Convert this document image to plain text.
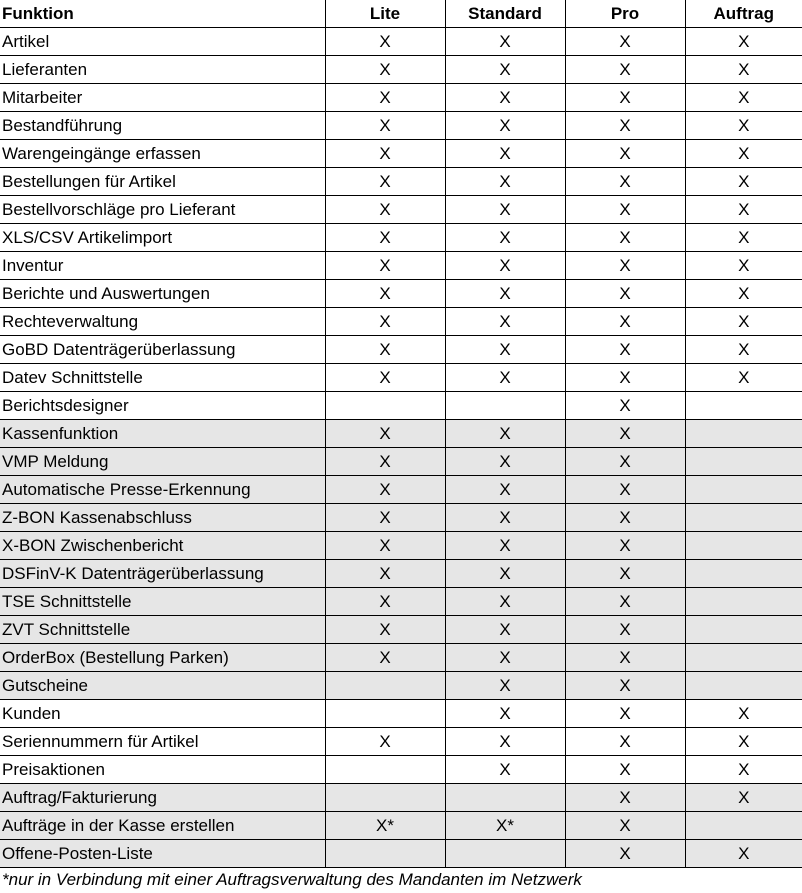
Funktion	Lite	Standard	Pro	Auftrag
Artikel	X	X	X	X
Lieferanten	X	X	X	X
Mitarbeiter	X	X	X	X
Bestandführung	X	X	X	X
Warengeingänge erfassen	X	X	X	X
Bestellungen für Artikel	X	X	X	X
Bestellvorschläge pro Lieferant	X	X	X	X
XLS/CSV Artikelimport	X	X	X	X
Inventur	X	X	X	X
Berichte und Auswertungen	X	X	X	X
Rechteverwaltung	X	X	X	X
GoBD Datenträgerüberlassung	X	X	X	X
Datev Schnittstelle	X	X	X	X
Berichtsdesigner			X	
Kassenfunktion	X	X	X	
VMP Meldung	X	X	X	
Automatische Presse-Erkennung	X	X	X	
Z-BON Kassenabschluss	X	X	X	
X-BON Zwischenbericht	X	X	X	
DSFinV-K Datenträgerüberlassung	X	X	X	
TSE Schnittstelle	X	X	X	
ZVT Schnittstelle	X	X	X	
OrderBox (Bestellung Parken)	X	X	X	
Gutscheine		X	X	
Kunden		X	X	X
Seriennummern für Artikel	X	X	X	X
Preisaktionen		X	X	X
Auftrag/Fakturierung			X	X
Aufträge in der Kasse erstellen	X*	X*	X	
Offene-Posten-Liste			X	X
*nur in Verbindung mit einer Auftragsverwaltung des Mandanten im Netzwerk
